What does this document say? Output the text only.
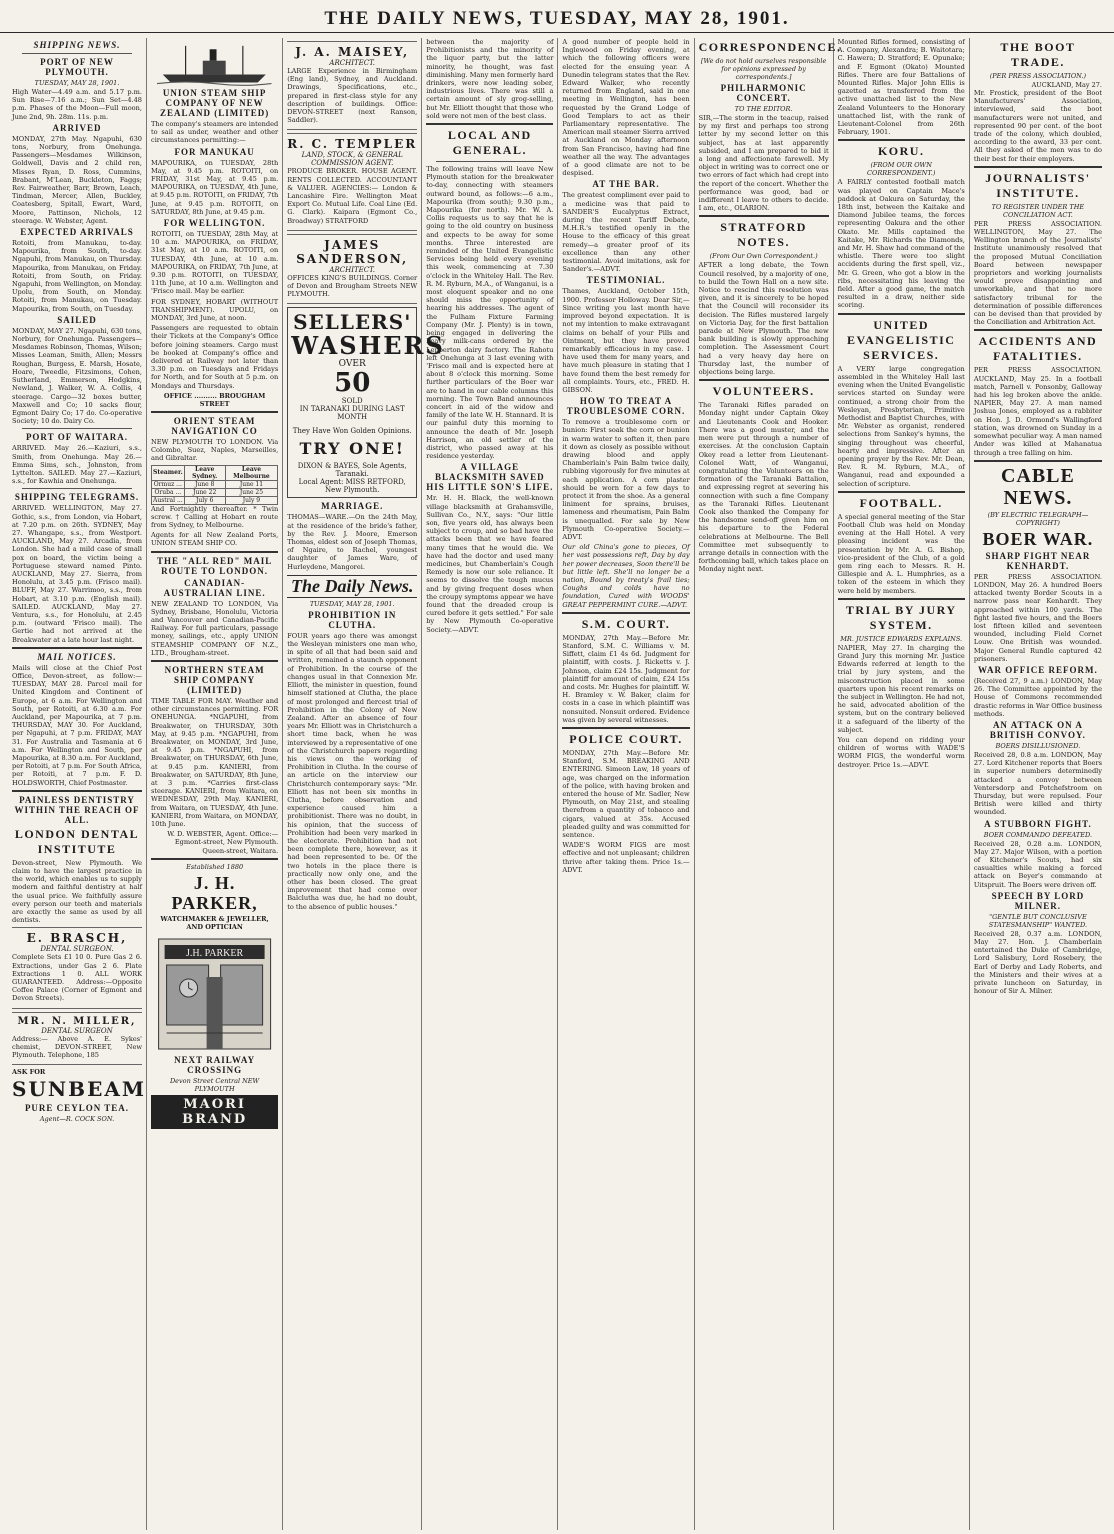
THE DAILY NEWS, TUESDAY, MAY 28, 1901.
SHIPPING NEWS.
PORT OF NEW PLYMOUTH.
TUESDAY, MAY 28, 1901.

High Water—4.49 a.m. and 5.17 p.m. Sun Rise—7.16 a.m.; Sun Set—4.48 p.m. Phases of the Moon—Full moon, June 2nd, 9h. 28m. 11s. p.m.

ARRIVED

MONDAY, 27th May. Ngapuhi, 630 tons, Norbury, from Onehunga. Passengers—Mesdames Wilkinson, Goldwell, Davis and 2 child ren, Misses Ryan, D. Ross, Cummins, Brabant, M'Lean, Buckleton, Faggs; Rev. Fairweather, Barr, Brown, Leach, Tindman, Mercer, Allen, Buckley, Coatesberg, Spitall, Ewart, Ward, Moore, Pattinson, Nichols, 12 steerage. W. Webster, Agent.

EXPECTED ARRIVALS

Rotoiti, from Manukau, to-day. Mapourika, from South, to-day. Ngapuhi, from Manukau, on Thursday. Mapourika, from Manukau, on Friday. Rotoiti, from South, on Friday. Ngapuhi, from Wellington, on Monday. Upolu, from South, on Monday. Rotoiti, from Manukau, on Tuesday. Mapourika, from South, on Tuesday.

SAILED

MONDAY, MAY 27. Ngapuhi, 630 tons, Norbury, for Onehunga. Passengers—Mesdames Robinson, Thomas, Wilson; Misses Leaman, Smith, Allen; Messrs Roughan, Burgess, E. Marsh, Hosate, Hoare, Tweedle, Fitzsimons, Cohen, Sutherland, Emmerson, Hodgkins, Newland, J. Walker, W. A. Collis, 4 steerage. Cargo—32 boxes butter, Maxwell and Co; 10 sacks flour, Egmont Dairy Co; 17 do. Co-operative Society; 10 do. Dairy Co.

PORT OF WAITARA.

ARRIVED. May 26.—Kaziuri, s.s., Smith, from Onehunga. May 26.—Emma Sims, sch., Johnston, from Lyttelton. SAILED. May 27.—Kaziuri, s.s., for Kawhia and Onehunga.

SHIPPING TELEGRAMS.

ARRIVED. WELLINGTON, May 27. Gothic, s.s., from London, via Hobart, at 7.20 p.m. on 26th. SYDNEY, May 27. Whangape, s.s., from Westport. AUCKLAND, May 27. Arcadia, from London. She had a mild case of small pox on board, the victim being a Portuguese steward named Pinto. AUCKLAND, May 27. Sierra, from Honolulu, at 3.45 p.m. (Frisco mail). BLUFF, May 27. Warrimoo, s.s., from Hobart, at 3.10 p.m. (English mail). SAILED. AUCKLAND, May 27. Ventura, s.s., for Honolulu, at 2.45 p.m. (outward 'Frisco mail). The Gertie had not arrived at the Breakwater at a late hour last night.

MAIL NOTICES.

Mails will close at the Chief Post Office, Devon-street, as follow:— TUESDAY, MAY 28. Parcel mail for United Kingdom and Continent of Europe, at 6 a.m. For Wellington and South, per Rotoiti, at 6.30 a.m. For Auckland, per Mapourika, at 7 p.m. THURSDAY, MAY 30. For Auckland, per Ngapuhi, at 7 p.m. FRIDAY, MAY 31. For Australia and Tasmania at 6 a.m. For Wellington and South, per Mapourika, at 8.30 a.m. For Auckland, per Rotoiti, at 7 p.m. For South Africa, per Rotoiti, at 7 p.m. F. D. HOLDSWORTH, Chief Postmaster.

PAINLESS DENTISTRY WITHIN THE REACH OF ALL.
LONDON DENTAL INSTITUTE

Devon-street, New Plymouth. We claim to have the largest practice in the world, which enables us to supply modern and faithful dentistry at half the usual price. We faithfully assure every person our teeth and materials are exactly the same as used by all dentists.

E. BRASCH,
DENTAL SURGEON.

Complete Sets £1 10 0. Pure Gas 2 6. Extractions, under Gas 2 6. Plate Extractions 1 0. ALL WORK GUARANTEED. Address:—Opposite Coffee Palace (Corner of Egmont and Devon Streets).

MR. N. MILLER,
DENTAL SURGEON

Address:— Above A. E. Sykes' chemist, DEVON-STREET, New Plymouth. Telephone, 185

ASK FOR
SUNBEAM
PURE CEYLON TEA.
Agent—R. COCK SON.
UNION STEAM SHIP COMPANY OF NEW ZEALAND (LIMITED)

The company's steamers are intended to sail as under, weather and other circumstances permitting:—

FOR MANUKAU

MAPOURIKA, on TUESDAY, 28th May, at 9.45 p.m. ROTOITI, on FRIDAY, 31st May, at 9.45 p.m. MAPOURIKA, on TUESDAY, 4th June, at 9.45 p.m. ROTOITI, on FRIDAY, 7th June, at 9.45 p.m. ROTOITI, on SATURDAY, 8th June, at 9.45 p.m.

FOR WELLINGTON.

ROTOITI, on TUESDAY, 28th May, at 10 a.m. MAPOURIKA, on FRIDAY, 31st May, at 10 a.m. ROTOITI, on TUESDAY, 4th June, at 10 a.m. MAPOURIKA, on FRIDAY, 7th June, at 9.30 p.m. ROTOITI, on TUESDAY, 11th June, at 10 a.m. Wellington and 'Frisco mail. May be earlier.

FOR SYDNEY, HOBART (WITHOUT TRANSHIPMENT). UPOLU, on MONDAY, 3rd June, at noon.

Passengers are requested to obtain their Tickets at the Company's Office before joining steamers. Cargo must be booked at Company's office and delivered at Railway not later than 3.30 p.m. on Tuesdays and Fridays for North, and for South at 5 p.m. on Mondays and Thursdays.

OFFICE .......... BROUGHAM STREET
ORIENT STEAM NAVIGATION CO

NEW PLYMOUTH TO LONDON. Via Colombo, Suez, Naples, Marseilles, and Gibraltar.

Steamer.	Leave Sydney.	Leave Melbourne
Ormuz ...	June 8	June 11
Oruba ...	June 22	June 25
Austral ...	July 6	July 9

And Fortnightly thereafter. * Twin screw. † Calling at Hobart en route from Sydney, to Melbourne.

Agents for all New Zealand Ports, UNION STEAM SHIP CO.

THE "ALL RED" MAIL ROUTE TO LONDON.
CANADIAN-AUSTRALIAN LINE.

NEW ZEALAND TO LONDON, Via Sydney, Brisbane, Honolulu, Victoria and Vancouver and Canadian-Pacific Railway. For full particulars, passage money, sailings, etc., apply UNION STEAMSHIP COMPANY OF N.Z., LTD., Brougham-street.

NORTHERN STEAM SHIP COMPANY (LIMITED)

TIME TABLE FOR MAY. Weather and other circumstances permitting. FOR ONEHUNGA. *NGAPUHI, from Breakwater, on THURSDAY, 30th May, at 9.45 p.m. *NGAPUHI, from Breakwater, on MONDAY, 3rd June, at 9.45 p.m. *NGAPUHI, from Breakwater, on THURSDAY, 6th June, at 9.45 p.m. KANIERI, from Breakwater, on SATURDAY, 8th June, at 3 p.m. *Carries first-class steerage. KANIERI, from Waitara, on WEDNESDAY, 29th May. KANIERI, from Waitara, on TUESDAY, 4th June. KANIERI, from Waitara, on MONDAY, 10th June.

W. D. WEBSTER, Agent. Office:—Egmont-street, New Plymouth. Queen-street, Waitara.

Established 1880
J. H. PARKER,
WATCHMAKER & JEWELLER, AND OPTICIAN
J.H. PARKER
NEXT RAILWAY CROSSING
Devon Street Central NEW PLYMOUTH
MAORI BRAND
J. A. MAISEY,
ARCHITECT.

LARGE Experience in Birmingham (Eng land), Sydney, and Auckland. Drawings, Specifications, etc., prepared in first-class style for any description of buildings. Office: DEVON-STREET (next Ranson, Saddler).

R. C. TEMPLER
LAND, STOCK, & GENERAL COMMISSION AGENT.

PRODUCE BROKER. HOUSE AGENT. RENTS COLLECTED. ACCOUNTANT & VALUER. AGENCIES:— London & Lancashire Fire. Wellington Meat Export Co. Mutual Life. Coal Line (Ed. G. Clark). Kaipara (Egmont Co., Broadway) STRATFORD

JAMES SANDERSON,
ARCHITECT.

OFFICES KING'S BUILDINGS. Corner of Devon and Brougham Streets NEW PLYMOUTH.

SELLERS'
WASHERS
OVER
50
SOLD
IN TARANAKI DURING LAST MONTH
They Have Won Golden Opinions.
TRY ONE!
DIXON & BAYES, Sole Agents, Taranaki.
Local Agent: MISS RETFORD, New Plymouth.
MARRIAGE.

THOMAS—WARE.—On the 24th May, at the residence of the bride's father, by the Rev. J. Moore, Emerson Thomas, eldest son of Joseph Thomas, of Ngaire, to Rachel, youngest daughter of James Ware, of Hurleydene, Mangorei.

The Daily News.
TUESDAY, MAY 28, 1901.
PROHIBITION IN CLUTHA.

FOUR years ago there was amongst the Wesleyan ministers one man who, in spite of all that had been said and written, remained a staunch opponent of Prohibition. In the course of the changes usual in that Connexion Mr. Elliott, the minister in question, found himself stationed at Clutha, the place of most prolonged and fiercest trial of Prohibition in the Colony of New Zealand. After an absence of four years Mr. Elliott was in Christchurch a short time back, when he was interviewed by a representative of one of the Christchurch papers regarding his views on the working of Prohibition in Clutha. In the course of an article on the interview our Christchurch contemporary says: "Mr. Elliott has not been six months in Clutha, before observation and experience caused him a prohibitionist. There was no doubt, in his opinion, that the success of Prohibition had been very marked in the electorate. Prohibition had not been complete there, however, as it had been represented to be. Of the two hotels in the place there is practically now only one, and the other has been closed. The great improvement that had come over Balclutha was due, he had no doubt, to the absence of public houses."

between the majority of Prohibitionists and the minority of the liquor party, but the latter minority, he thought, was fast diminishing. Many men formerly hard drinkers, were now leading sober, industrious lives. There was still a certain amount of sly grog-selling, but Mr. Elliott thought that those who sold were not men of the best class.

LOCAL AND GENERAL.

The following trains will leave New Plymouth station for the breakwater to-day, connecting with steamers outward bound, as follows:—6 a.m., Mapourika (from south); 9.30 p.m., Mapourika (for north). Mr. W. A. Collis requests us to say that he is going to the old country on business and expects to be away for some months. Three interested are reminded of the United Evangelistic Services being held every evening this week, commencing at 7.30 o'clock in the Whiteley Hall. The Rev. R. M. Ryburn, M.A., of Wanganui, is a most eloquent speaker and no one should miss the opportunity of hearing his addresses. The agent of the Fulham Fixture Farming Company (Mr. J. Plenty) is in town, being engaged in delivering the heavy milk-cans ordered by the Lepperton dairy factory. The Rahotu left Onehunga at 3 last evening with 'Frisco mail and is expected here at about 8 o'clock this morning. Some further particulars of the Boer war are to hand in our cable columns this morning. The Town Band announces concert in aid of the widow and family of the late W. H. Stannard. It is our painful duty this morning to announce the death of Mr. Joseph Harrison, an old settler of the district, who passed away at his residence yesterday.

A VILLAGE BLACKSMITH SAVED HIS LITTLE SON'S LIFE.

Mr. H. H. Black, the well-known village blacksmith at Grahamsville, Sullivan Co., N.Y., says: "Our little son, five years old, has always been subject to croup, and so bad have the attacks been that we have feared many times that he would die. We have had the doctor and used many medicines, but Chamberlain's Cough Remedy is now our sole reliance. It seems to dissolve the tough mucus and by giving frequent doses when the croupy symptoms appear we have found that the dreaded croup is cured before it gets settled." For sale by New Plymouth Co-operative Society.—ADVT.

A good number of people held in Inglewood on Friday evening, at which the following officers were elected for the ensuing year. A Dunedin telegram states that the Rev. Edward Walker, who recently returned from England, said in one meeting in Wellington, has been requested by the Grand Lodge of Good Templars to act as their Parliamentary representative. The American mail steamer Sierra arrived at Auckland on Monday afternoon from San Francisco, having had fine weather all the way. The advantages of a good climate are not to be despised.

AT THE BAR.

The greatest compliment ever paid to a medicine was that paid to SANDER'S Eucalyptus Extract, during the recent Tariff Debate, M.H.R.'s testified openly in the House to the efficacy of this great remedy—a greater proof of its excellence than any other testimonial. Avoid imitations, ask for Sander's.—ADVT.

TESTIMONIAL.

Thames, Auckland, October 15th, 1900. Professor Holloway. Dear Sir,—Since writing you last month have improved beyond expectation. It is not my intention to make extravagant claims on behalf of your Pills and Ointment, but they have proved remarkably efficacious in my case. I have used them for many years, and have much pleasure in stating that I have found them the best remedy for all complaints. Yours, etc., FRED. H. GIBSON.

HOW TO TREAT A TROUBLESOME CORN.

To remove a troublesome corn or bunion: First soak the corn or bunion in warm water to soften it, then pare it down as closely as possible without drawing blood and apply Chamberlain's Pain Balm twice daily, rubbing vigorously for five minutes at each application. A corn plaster should be worn for a few days to protect it from the shoe. As a general liniment for sprains, bruises, lameness and rheumatism, Pain Balm is unequalled. For sale by New Plymouth Co-operative Society.—ADVT.

Our old China's gone to pieces, Of her vast possessions reft, Day by day her power decreases, Soon there'll be but little left. She'll no longer be a nation, Bound by treaty's frail ties; Coughs and colds have no foundation, Cured with WOODS' GREAT PEPPERMINT CURE.—ADVT.

S.M. COURT.

MONDAY, 27th May.—Before Mr. Stanford, S.M. C. Williams v. M. Siffett, claim £1 4s 6d. Judgment for plaintiff, with costs. J. Ricketts v. J. Johnson, claim £24 15s. Judgment for plaintiff for amount of claim, £24 15s and costs. Mr. Hughes for plaintiff. W. H. Bramley v. W. Baker, claim for costs in a case in which plaintiff was nonsuited. Nonsuit ordered. Evidence was given by several witnesses.

POLICE COURT.

MONDAY, 27th May.—Before Mr. Stanford, S.M. BREAKING AND ENTERING. Simeon Law, 18 years of age, was charged on the information of the police, with having broken and entered the house of Mr. Sadler, New Plymouth, on May 21st, and stealing therefrom a quantity of tobacco and cigars, valued at 35s. Accused pleaded guilty and was committed for sentence.

WADE'S WORM FIGS are most effective and not unpleasant; children thrive after taking them. Price 1s.—ADVT.

CORRESPONDENCE.
[We do not hold ourselves responsible for opinions expressed by correspondents.]
PHILHARMONIC CONCERT.
TO THE EDITOR.

SIR,—The storm in the teacup, raised by my first and perhaps too strong letter by my second letter on this subject, has at last apparently subsided, and I am prepared to bid it a long and affectionate farewell. My object in writing was to correct one or two errors of fact which had crept into the report of the concert. Whether the performance was good, bad or indifferent I leave to others to decide. I am, etc., OLARION.

STRATFORD NOTES.
(From Our Own Correspondent.)

AFTER a long debate, the Town Council resolved, by a majority of one, to build the Town Hall on a new site. Notice to rescind this resolution was given, and it is sincerely to be hoped that the Council will reconsider its decision. The Rifles mustered largely on Victoria Day, for the first battalion parade at New Plymouth. The new bank building is slowly approaching completion. The Assessment Court had a very heavy day here on Thursday last, the number of objections being large.

VOLUNTEERS.

The Taranaki Rifles paraded on Monday night under Captain Okey and Lieutenants Cook and Hooker. There was a good muster, and the men were put through a number of exercises. At the conclusion Captain Okey read a letter from Lieutenant-Colonel Watt, of Wanganui, congratulating the Volunteers on the formation of the Taranaki Battalion, and expressing regret at severing his connection with such a fine Company as the Taranaki Rifles. Lieutenant Cook also thanked the Company for the handsome send-off given him on his departure to the Federal celebrations at Melbourne. The Bell Committee met subsequently to arrange details in connection with the forthcoming ball, which takes place on Monday night next.

Mounted Rifles formed, consisting of A. Company, Alexandra; B. Waitotara; C. Hawera; D. Stratford; E. Opunake; and F. Egmont (Okato) Mounted Rifles. There are four Battalions of Mounted Rifles. Major John Ellis is gazetted as transferred from the active unattached list to the New Zealand Volunteers to the Honorary unattached list, with the rank of Lieutenant-Colonel from 26th February, 1901.

KORU.
(FROM OUR OWN CORRESPONDENT.)

A FAIRLY contested football match was played on Captain Mace's paddock at Oakura on Saturday, the 18th inst, between the Kaitake and Diamond Jubilee teams, the forces representing Oakura and the other Okato. Mr. Mills captained the Kaitake, Mr. Richards the Diamonds, and Mr. H. Shaw had command of the whistle. There were too slight accidents during the first spell, viz., Mr. G. Green, who got a blow in the ribs, necessitating his leaving the field. After a good game, the match resulted in a draw, neither side scoring.

UNITED EVANGELISTIC SERVICES.

A VERY large congregation assembled in the Whiteley Hall last evening when the United Evangelistic services started on Sunday were continued, a strong choir from the Wesleyan, Presbyterian, Primitive Methodist and Baptist Churches, with Mr. Webster as organist, rendered selections from Sankey's hymns, the singing throughout was cheerful, hearty and impressive. After an opening prayer by the Rev. Mr. Dean, Rev. R. M. Ryburn, M.A., of Wanganui, read and expounded a selection of scripture.

FOOTBALL.

A special general meeting of the Star Football Club was held on Monday evening at the Hall Hotel. A very pleasing incident was the presentation by Mr. A. G. Bishop, vice-president of the Club, of a gold gem ring each to Messrs. R. H. Gillespie and A. L. Humphries, as a token of the esteem in which they were held by members.

TRIAL BY JURY SYSTEM.
MR. JUSTICE EDWARDS EXPLAINS.

NAPIER, May 27. In charging the Grand Jury this morning Mr. Justice Edwards referred at length to the trial by jury system, and the misconstruction placed in some quarters upon his recent remarks on the subject in Wellington. He had not, he said, advocated abolition of the system, but on the contrary believed it a safeguard of the liberty of the subject.

You can depend on ridding your children of worms with WADE'S WORM FIGS, the wonderful worm destroyer. Price 1s.—ADVT.

THE BOOT TRADE.
(PER PRESS ASSOCIATION.)
AUCKLAND, May 27.

Mr. Frostick, president of the Boot Manufacturers' Association, interviewed, said the boot manufacturers were not united, and represented 90 per cent. of the boot trade of the colony, which doubled, according to the award, 33 per cent. All they asked of the men was to do their best for their employers.

JOURNALISTS' INSTITUTE.
TO REGISTER UNDER THE CONCILIATION ACT.

PER PRESS ASSOCIATION. WELLINGTON, May 27. The Wellington branch of the Journalists' Institute unanimously resolved that the proposed Mutual Conciliation Board between newspaper proprietors and working journalists would prove disappointing and unworkable, and that no more satisfactory tribunal for the determination of possible differences can be devised than that provided by the Conciliation and Arbitration Act.

ACCIDENTS AND FATALITIES.

PER PRESS ASSOCIATION. AUCKLAND, May 25. In a football match, Parnell v. Ponsonby, Galloway had his leg broken above the ankle. NAPIER, May 27. A man named Joshua Jones, employed as a rabbiter on Hon. J. D. Ormond's Wallingford station, was drowned on Sunday in a somewhat peculiar way. A man named Ander was killed at Mahanatua through a tree falling on him.

CABLE NEWS.
(BY ELECTRIC TELEGRAPH—COPYRIGHT)
BOER WAR.
SHARP FIGHT NEAR KENHARDT.

PER PRESS ASSOCIATION. LONDON, May 26. A hundred Boers attacked twenty Border Scouts in a narrow pass near Kenhardt. They approached within 100 yards. The fight lasted five hours, and the Boers lost fifteen killed and seventeen wounded, including Field Cornet Louw. One British was wounded. Major General Rundle captured 42 prisoners.

WAR OFFICE REFORM.

(Received 27, 9 a.m.) LONDON, May 26. The Committee appointed by the House of Commons recommended drastic reforms in War Office business methods.

AN ATTACK ON A BRITISH CONVOY.
BOERS DISILLUSIONED.

Received 28, 0.8 a.m. LONDON, May 27. Lord Kitchener reports that Boers in superior numbers determinedly attacked a convoy between Ventersdorp and Potchefstroom on Thursday, but were repulsed. Four British were killed and thirty wounded.

A STUBBORN FIGHT.
BOER COMMANDO DEFEATED.

Received 28, 0.28 a.m. LONDON, May 27. Major Wilson, with a portion of Kitchener's Scouts, had six casualties while making a forced attack on Beyer's commando at Uitspruit. The Boers were driven off.

SPEECH BY LORD MILNER.
"GENTLE BUT CONCLUSIVE STATESMANSHIP" WANTED.

Received 28, 0.37 a.m. LONDON, May 27. Hon. J. Chamberlain entertained the Duke of Cambridge, Lord Salisbury, Lord Rosebery, the Earl of Derby and Lady Roberts, and the Ministers and their wives at a private luncheon on Saturday, in honour of Sir A. Milner.
